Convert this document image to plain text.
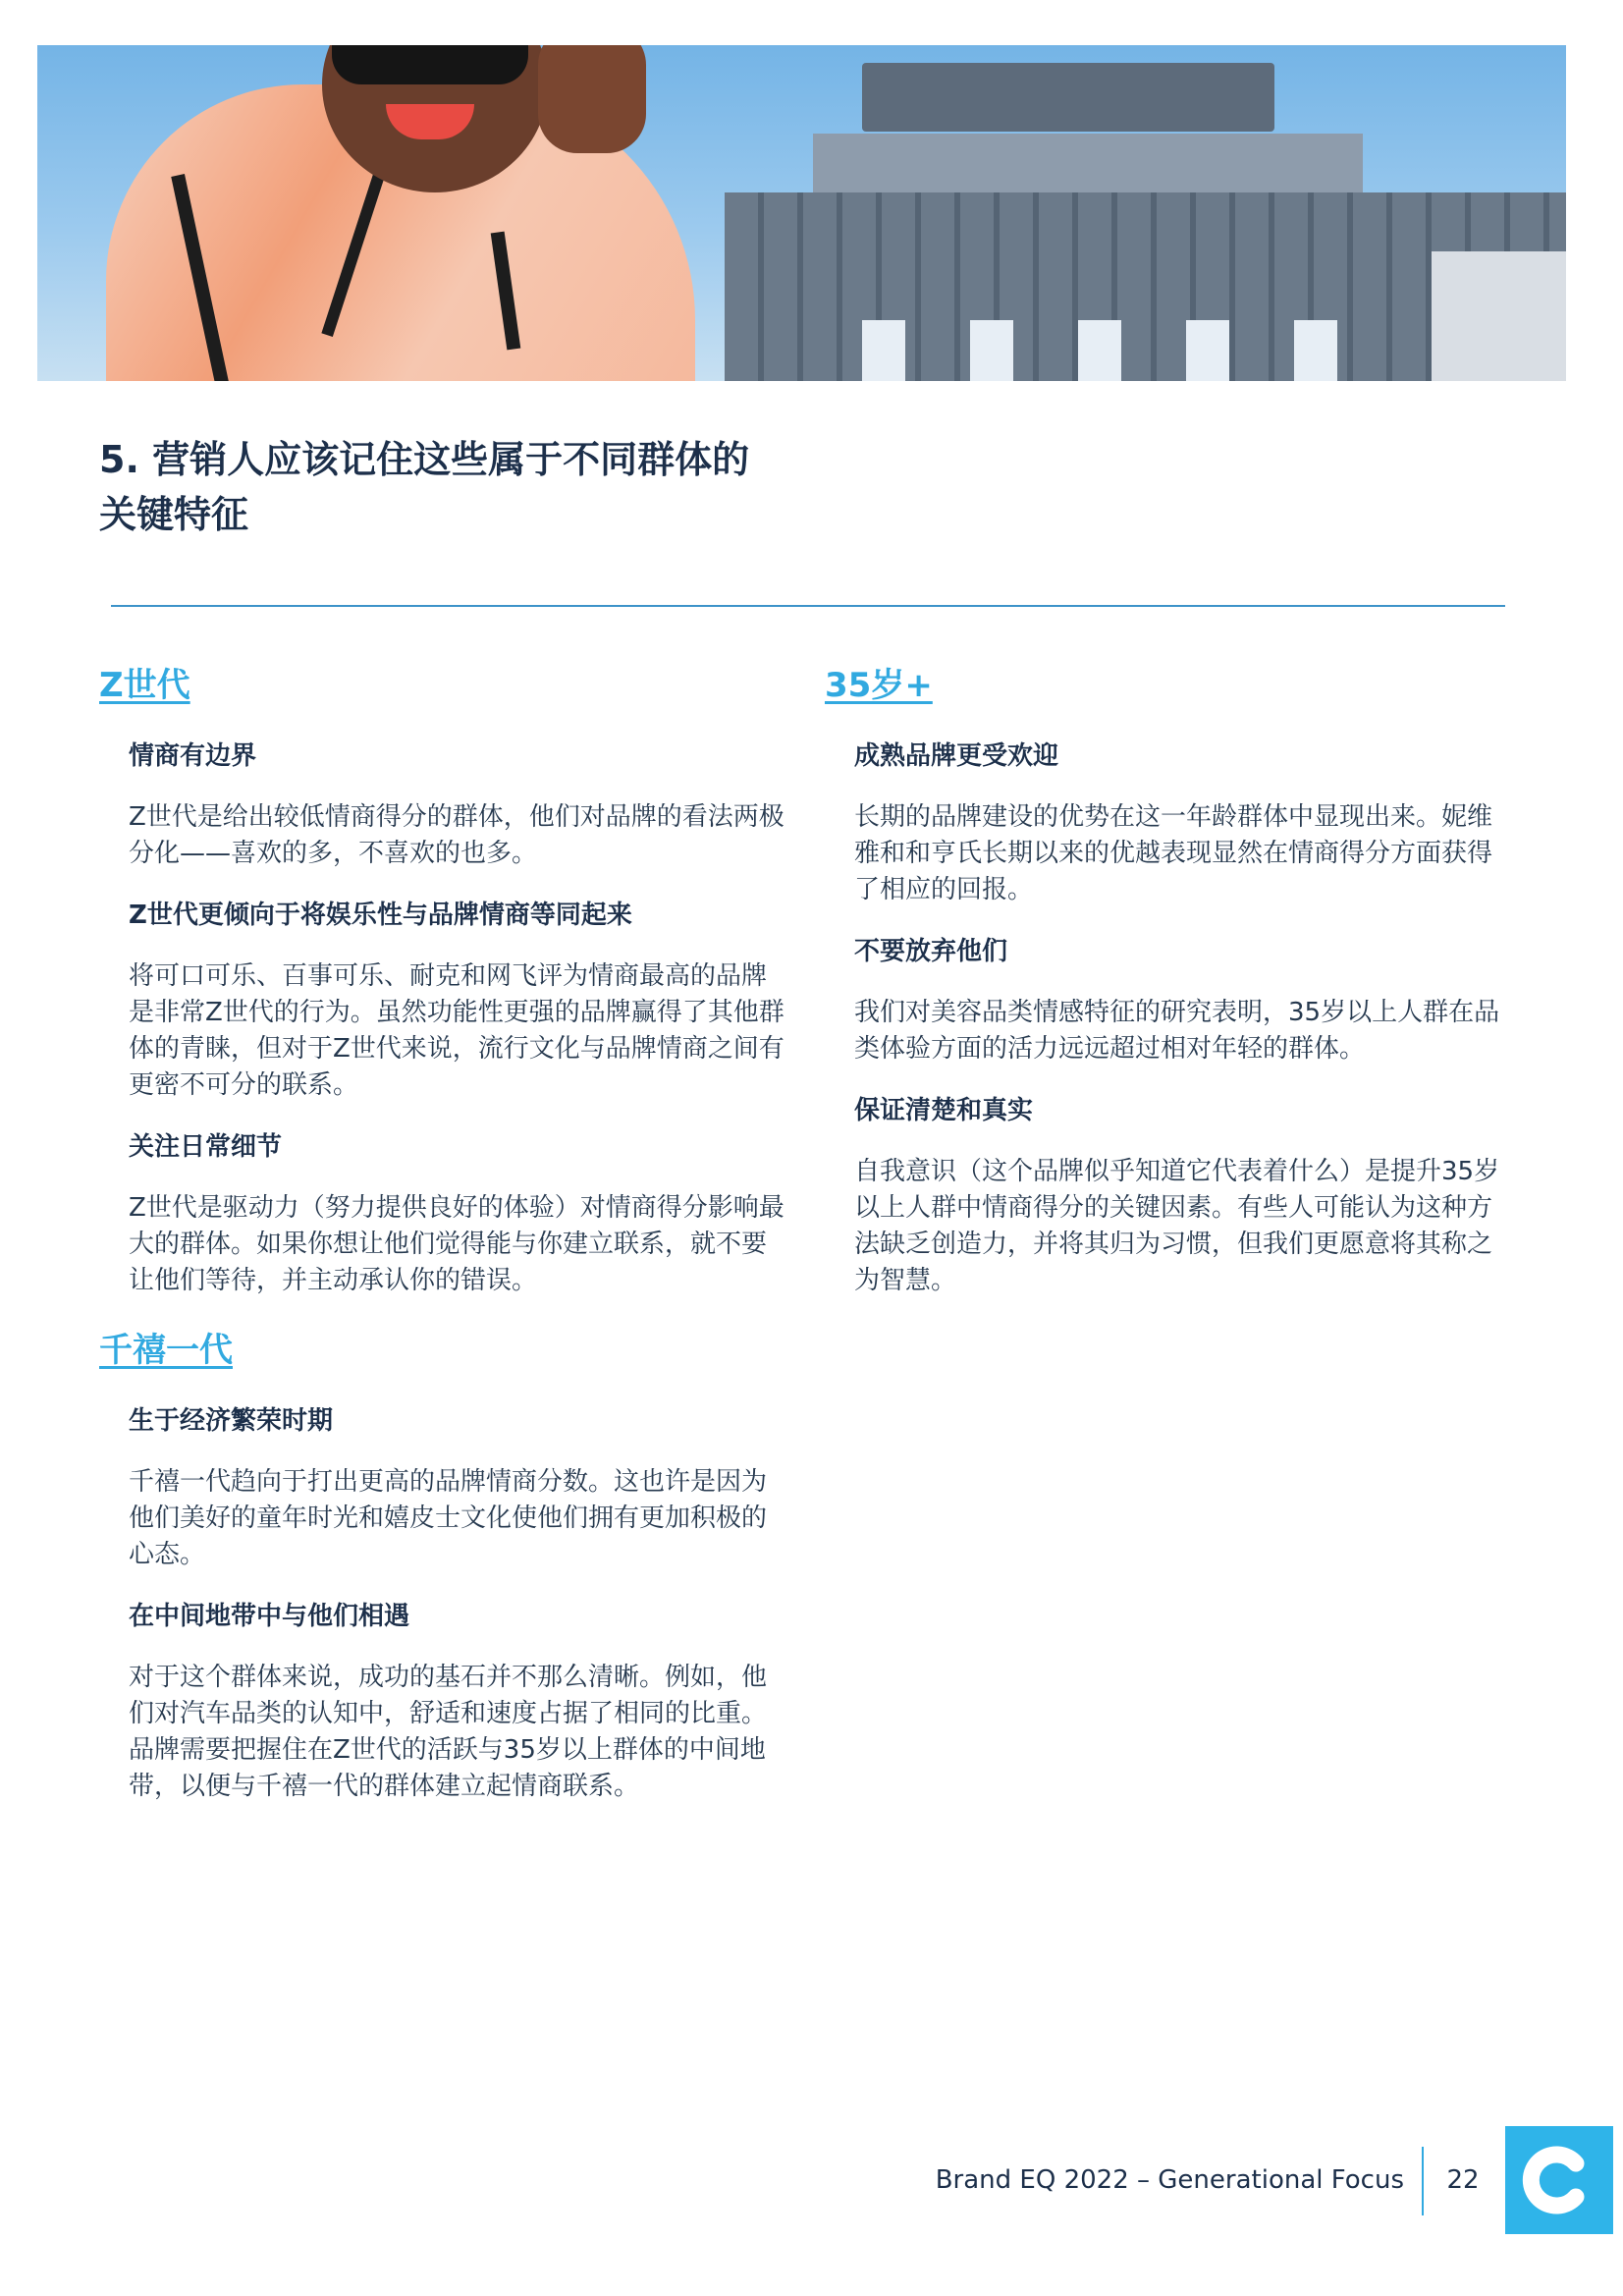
5. 营销人应该记住这些属于不同群体的
关键特征
Z世代
情商有边界
Z世代是给出较低情商得分的群体，他们对品牌的看法两极分化——喜欢的多，不喜欢的也多。
Z世代更倾向于将娱乐性与品牌情商等同起来
将可口可乐、百事可乐、耐克和网飞评为情商最高的品牌是非常Z世代的行为。虽然功能性更强的品牌赢得了其他群体的青睐，但对于Z世代来说，流行文化与品牌情商之间有更密不可分的联系。
关注日常细节
Z世代是驱动力（努力提供良好的体验）对情商得分影响最大的群体。如果你想让他们觉得能与你建立联系，就不要让他们等待，并主动承认你的错误。
千禧一代
生于经济繁荣时期
千禧一代趋向于打出更高的品牌情商分数。这也许是因为他们美好的童年时光和嬉皮士文化使他们拥有更加积极的心态。
在中间地带中与他们相遇
对于这个群体来说，成功的基石并不那么清晰。例如，他们对汽车品类的认知中，舒适和速度占据了相同的比重。品牌需要把握住在Z世代的活跃与35岁以上群体的中间地带，以便与千禧一代的群体建立起情商联系。
35岁+
成熟品牌更受欢迎
长期的品牌建设的优势在这一年龄群体中显现出来。妮维雅和和亨氏长期以来的优越表现显然在情商得分方面获得了相应的回报。
不要放弃他们
我们对美容品类情感特征的研究表明，35岁以上人群在品类体验方面的活力远远超过相对年轻的群体。
保证清楚和真实
自我意识（这个品牌似乎知道它代表着什么）是提升35岁以上人群中情商得分的关键因素。有些人可能认为这种方法缺乏创造力，并将其归为习惯，但我们更愿意将其称之为智慧。
Brand EQ 2022 – Generational Focus 22
